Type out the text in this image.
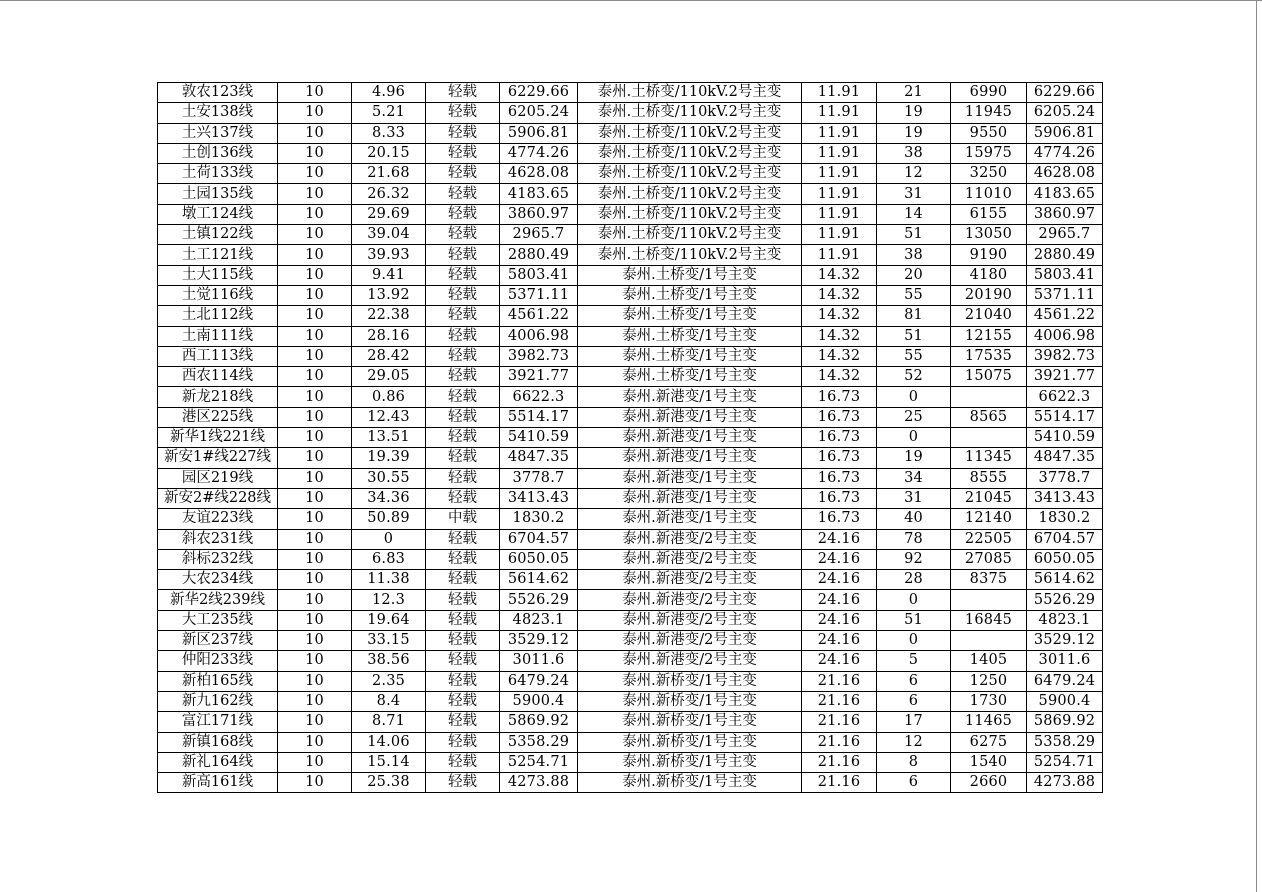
敦农123线	10	4.96	轻载	6229.66	泰州.土桥变/110kV.2号主变	11.91	21	6990	6229.66
土安138线	10	5.21	轻载	6205.24	泰州.土桥变/110kV.2号主变	11.91	19	11945	6205.24
土兴137线	10	8.33	轻载	5906.81	泰州.土桥变/110kV.2号主变	11.91	19	9550	5906.81
土创136线	10	20.15	轻载	4774.26	泰州.土桥变/110kV.2号主变	11.91	38	15975	4774.26
土荷133线	10	21.68	轻载	4628.08	泰州.土桥变/110kV.2号主变	11.91	12	3250	4628.08
土园135线	10	26.32	轻载	4183.65	泰州.土桥变/110kV.2号主变	11.91	31	11010	4183.65
墩工124线	10	29.69	轻载	3860.97	泰州.土桥变/110kV.2号主变	11.91	14	6155	3860.97
土镇122线	10	39.04	轻载	2965.7	泰州.土桥变/110kV.2号主变	11.91	51	13050	2965.7
土工121线	10	39.93	轻载	2880.49	泰州.土桥变/110kV.2号主变	11.91	38	9190	2880.49
土大115线	10	9.41	轻载	5803.41	泰州.土桥变/1号主变	14.32	20	4180	5803.41
土觉116线	10	13.92	轻载	5371.11	泰州.土桥变/1号主变	14.32	55	20190	5371.11
土北112线	10	22.38	轻载	4561.22	泰州.土桥变/1号主变	14.32	81	21040	4561.22
土南111线	10	28.16	轻载	4006.98	泰州.土桥变/1号主变	14.32	51	12155	4006.98
西工113线	10	28.42	轻载	3982.73	泰州.土桥变/1号主变	14.32	55	17535	3982.73
西农114线	10	29.05	轻载	3921.77	泰州.土桥变/1号主变	14.32	52	15075	3921.77
新龙218线	10	0.86	轻载	6622.3	泰州.新港变/1号主变	16.73	0		6622.3
港区225线	10	12.43	轻载	5514.17	泰州.新港变/1号主变	16.73	25	8565	5514.17
新华1线221线	10	13.51	轻载	5410.59	泰州.新港变/1号主变	16.73	0		5410.59
新安1#线227线	10	19.39	轻载	4847.35	泰州.新港变/1号主变	16.73	19	11345	4847.35
园区219线	10	30.55	轻载	3778.7	泰州.新港变/1号主变	16.73	34	8555	3778.7
新安2#线228线	10	34.36	轻载	3413.43	泰州.新港变/1号主变	16.73	31	21045	3413.43
友谊223线	10	50.89	中载	1830.2	泰州.新港变/1号主变	16.73	40	12140	1830.2
斜农231线	10	0	轻载	6704.57	泰州.新港变/2号主变	24.16	78	22505	6704.57
斜标232线	10	6.83	轻载	6050.05	泰州.新港变/2号主变	24.16	92	27085	6050.05
大农234线	10	11.38	轻载	5614.62	泰州.新港变/2号主变	24.16	28	8375	5614.62
新华2线239线	10	12.3	轻载	5526.29	泰州.新港变/2号主变	24.16	0		5526.29
大工235线	10	19.64	轻载	4823.1	泰州.新港变/2号主变	24.16	51	16845	4823.1
新区237线	10	33.15	轻载	3529.12	泰州.新港变/2号主变	24.16	0		3529.12
仲阳233线	10	38.56	轻载	3011.6	泰州.新港变/2号主变	24.16	5	1405	3011.6
新柏165线	10	2.35	轻载	6479.24	泰州.新桥变/1号主变	21.16	6	1250	6479.24
新九162线	10	8.4	轻载	5900.4	泰州.新桥变/1号主变	21.16	6	1730	5900.4
富江171线	10	8.71	轻载	5869.92	泰州.新桥变/1号主变	21.16	17	11465	5869.92
新镇168线	10	14.06	轻载	5358.29	泰州.新桥变/1号主变	21.16	12	6275	5358.29
新礼164线	10	15.14	轻载	5254.71	泰州.新桥变/1号主变	21.16	8	1540	5254.71
新高161线	10	25.38	轻载	4273.88	泰州.新桥变/1号主变	21.16	6	2660	4273.88
